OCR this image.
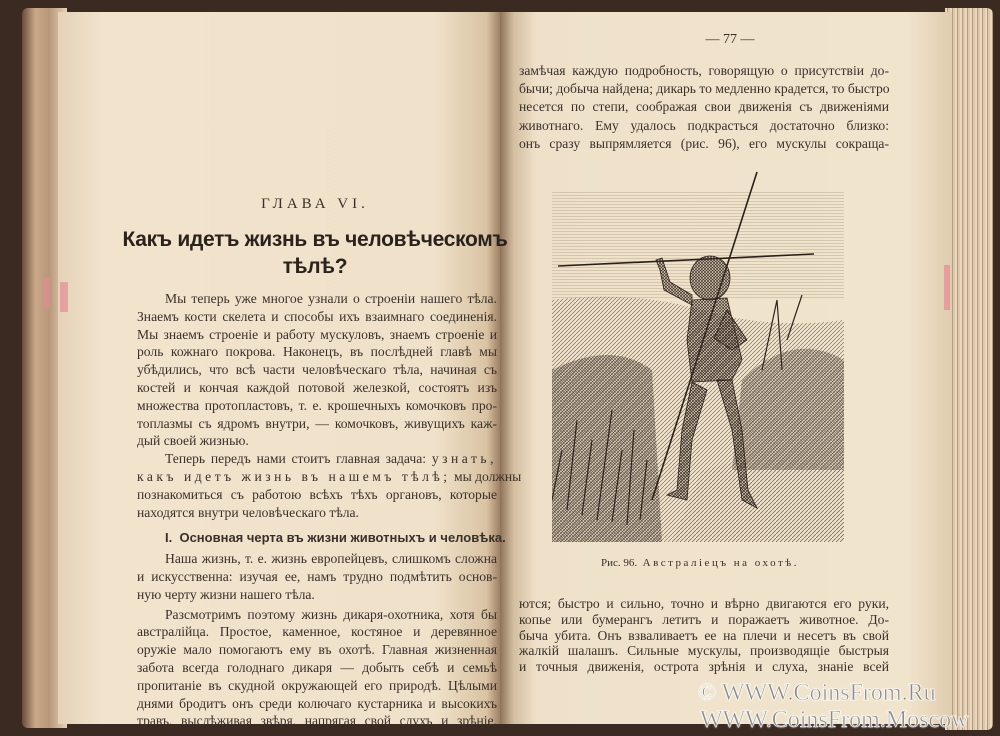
ГЛАВА VI.
Какъ идетъ жизнь въ человѣческомъ
тѣлѣ?
Мы теперь уже многое узнали о строеніи нашего тѣла.
Знаемъ кости скелета и способы ихъ взаимнаго соединенія.
Мы знаемъ строеніе и работу мускуловъ, знаемъ строеніе и
роль кожнаго покрова. Наконецъ, въ послѣдней главѣ мы
убѣдились, что всѣ части человѣческаго тѣла, начиная съ
костей и кончая каждой потовой железкой, состоятъ изъ
множества протопластовъ, т. е. крошечныхъ комочковъ про-
топлазмы съ ядромъ внутри, — комочковъ, живущихъ каж-
дый своей жизнью.
Теперь передъ нами стоитъ главная задача: узнать,
какъ идетъ жизнь въ нашемъ тѣлѣ; мы должны
познакомиться съ работою всѣхъ тѣхъ органовъ, которые
находятся внутри человѣческаго тѣла.
I. Основная черта въ жизни животныхъ и человѣка.
Наша жизнь, т. е. жизнь европейцевъ, слишкомъ сложна
и искусственна: изучая ее, намъ трудно подмѣтить основ-
ную черту жизни нашего тѣла.
Разсмотримъ поэтому жизнь дикаря-охотника, хотя бы
австралійца. Простое, каменное, костяное и деревянное
оружіе мало помогаютъ ему въ охотѣ. Главная жизненная
забота всегда голоднаго дикаря — добыть себѣ и семьѣ
пропитаніе въ скудной окружающей его природѣ. Цѣлыми
днями бродитъ онъ среди колючаго кустарника и высокихъ
травъ, выслѣживая звѣря, напрягая свой слухъ и зрѣніе,
— 77 —
замѣчая каждую подробность, говорящую о присутствіи до-
бычи; добыча найдена; дикарь то медленно крадется, то быстро
несется по степи, соображая свои движенія съ движеніями
животнаго. Ему удалось подкрасться достаточно близко:
онъ сразу выпрямляется (рис. 96), его мускулы сокраща-
Рис. 96. Австраліецъ на охотѣ.
ются; быстро и сильно, точно и вѣрно двигаются его руки,
копье или бумерангъ летитъ и поражаетъ животное. До-
быча убита. Онъ взваливаетъ ее на плечи и несетъ въ свой
жалкій шалашъ. Сильные мускулы, производящіе быстрыя
и точныя движенія, острота зрѣнія и слуха, знаніе всей
© WWW.CoinsFrom.Ru
WWW.CoinsFrom.Moscow
